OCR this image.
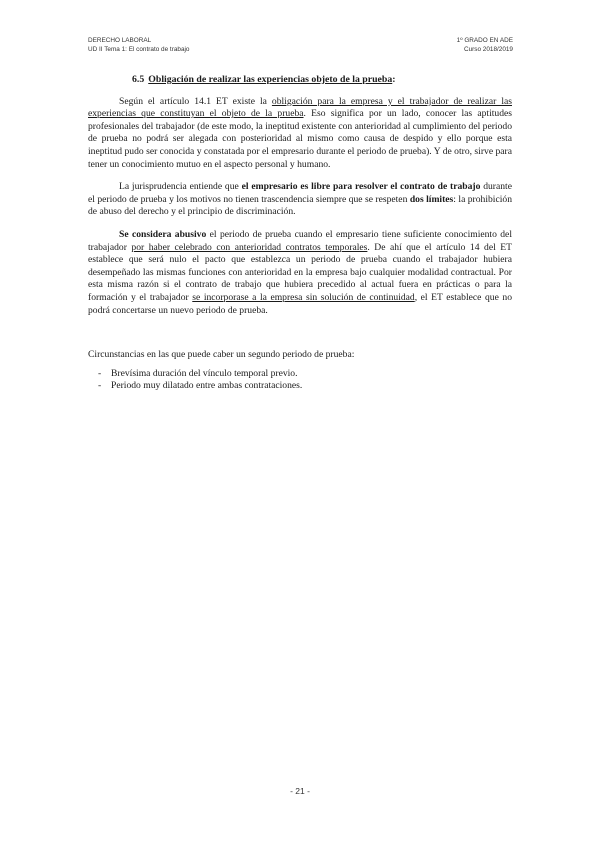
DERECHO LABORAL
UD II Tema 1: El contrato de trabajo
1º GRADO EN ADE
Curso 2018/2019
6.5 Obligación de realizar las experiencias objeto de la prueba:

Según el artículo 14.1 ET existe la obligación para la empresa y el trabajador de realizar las experiencias que constituyan el objeto de la prueba. Eso significa por un lado, conocer las aptitudes profesionales del trabajador (de este modo, la ineptitud existente con anterioridad al cumplimiento del periodo de prueba no podrá ser alegada con posterioridad al mismo como causa de despido y ello porque esta ineptitud pudo ser conocida y constatada por el empresario durante el periodo de prueba). Y de otro, sirve para tener un conocimiento mutuo en el aspecto personal y humano.

La jurisprudencia entiende que el empresario es libre para resolver el contrato de trabajo durante el periodo de prueba y los motivos no tienen trascendencia siempre que se respeten dos límites: la prohibición de abuso del derecho y el principio de discriminación.

Se considera abusivo el periodo de prueba cuando el empresario tiene suficiente conocimiento del trabajador por haber celebrado con anterioridad contratos temporales. De ahí que el artículo 14 del ET establece que será nulo el pacto que establezca un periodo de prueba cuando el trabajador hubiera desempeñado las mismas funciones con anterioridad en la empresa bajo cualquier modalidad contractual. Por esta misma razón si el contrato de trabajo que hubiera precedido al actual fuera en prácticas o para la formación y el trabajador se incorporase a la empresa sin solución de continuidad, el ET establece que no podrá concertarse un nuevo periodo de prueba.

Circunstancias en las que puede caber un segundo periodo de prueba:
- Brevísima duración del vínculo temporal previo.
- Periodo muy dilatado entre ambas contrataciones.
- 21 -
